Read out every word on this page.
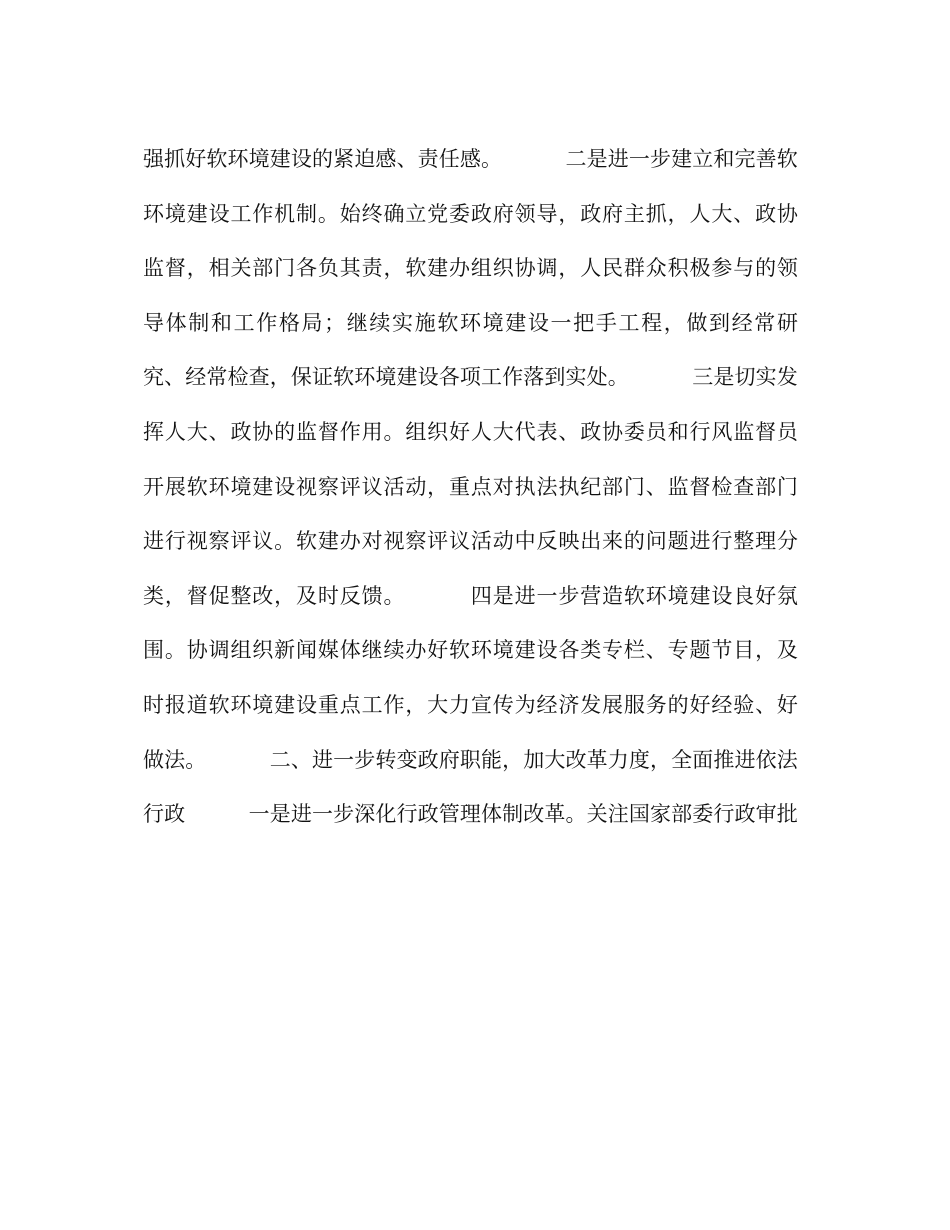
强 抓 好 软 环 境 建 设 的 紧 迫 感 、 责 任 感 。

　	二 是 进 一 步 建 立 和 完 善 软
环 境 建 设 工 作 机 制 。 始 终 确 立 党 委 政 府 领 导 ， 政 府 主 抓 ， 人 大 、 政 协
监 督 ， 相 关 部 门 各 负 其 责 ， 软 建 办 组 织 协 调 ， 人 民 群 众 积 极 参 与 的 领
导 体 制 和 工 作 格 局 ； 继 续 实 施 软 环 境 建 设 一 把 手 工 程 ， 做 到 经 常 研
究 、 经 常 检 查 ， 保 证 软 环 境 建 设 各 项 工 作 落 到 实 处 。

　	三 是 切 实 发
挥 人 大 、 政 协 的 监 督 作 用 。 组 织 好 人 大 代 表 、 政 协 委 员 和 行 风 监 督 员
开 展 软 环 境 建 设 视 察 评 议 活 动 ， 重 点 对 执 法 执 纪 部 门 、 监 督 检 查 部 门
进 行 视 察 评 议 。 软 建 办 对 视 察 评 议 活 动 中 反 映 出 来 的 问 题 进 行 整 理 分
类 ， 督 促 整 改 ， 及 时 反 馈 。

　	四 是 进 一 步 营 造 软 环 境 建 设 良 好 氛
围 。 协 调 组 织 新 闻 媒 体 继 续 办 好 软 环 境 建 设 各 类 专 栏 、 专 题 节 目 ， 及
时 报 道 软 环 境 建 设 重 点 工 作 ， 大 力 宣 传 为 经 济 发 展 服 务 的 好 经 验 、 好
做 法 。

　	二 、 进 一 步 转 变 政 府 职 能 ， 加 大 改 革 力 度 ， 全 面 推 进 依 法
行 政

　	一 是 进 一 步 深 化 行 政 管 理 体 制 改 革 。 关 注 国 家 部 委 行 政 审 批
